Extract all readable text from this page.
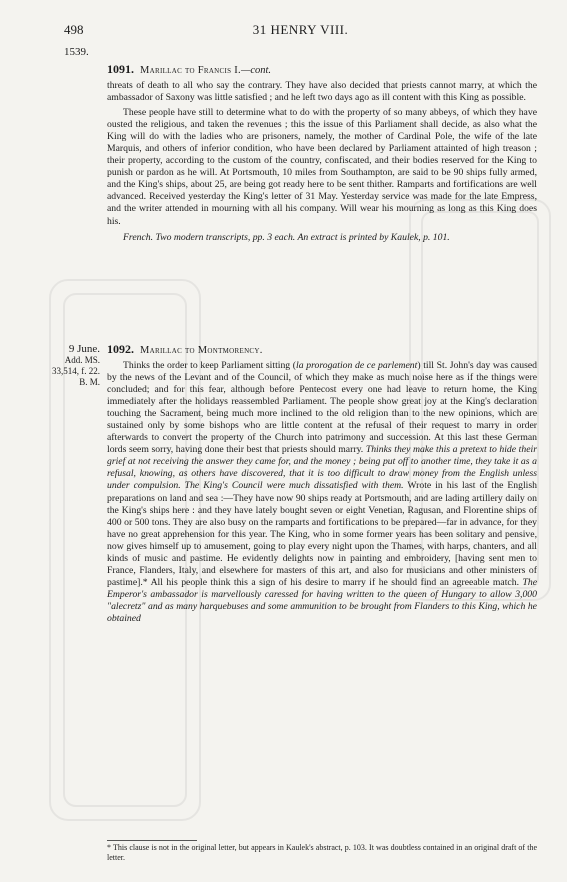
498	31 HENRY VIII.
1539.

1091. Marillac to Francis I.—cont.

threats of death to all who say the contrary. They have also decided that priests cannot marry, at which the ambassador of Saxony was little satisfied ; and he left two days ago as ill content with this King as possible.

These people have still to determine what to do with the property of so many abbeys, of which they have ousted the religious, and taken the revenues ; this the issue of this Parliament shall decide, as also what the King will do with the ladies who are prisoners, namely, the mother of Cardinal Pole, the wife of the late Marquis, and others of inferior condition, who have been declared by Parliament attainted of high treason ; their property, according to the custom of the country, confiscated, and their bodies reserved for the King to punish or pardon as he will. At Portsmouth, 10 miles from Southampton, are said to be 90 ships fully armed, and the King's ships, about 25, are being got ready here to be sent thither. Ramparts and fortifications are well advanced. Received yesterday the King's letter of 31 May. Yesterday service was made for the late Empress, and the writer attended in mourning with all his company. Will wear his mourning as long as this King does his.

French. Two modern transcripts, pp. 3 each. An extract is printed by Kaulek, p. 101.

9 June.
Add. MS.
33,514, f. 22.
B. M.

1092. Marillac to Montmorency.

Thinks the order to keep Parliament sitting (la prorogation de ce parlement) till St. John's day was caused by the news of the Levant and of the Council, of which they make as much noise here as if the things were concluded; and for this fear, although before Pentecost every one had leave to return home, the King immediately after the holidays reassembled Parliament. The people show great joy at the King's declaration touching the Sacrament, being much more inclined to the old religion than to the new opinions, which are sustained only by some bishops who are little content at the refusal of their request to marry in order afterwards to convert the property of the Church into patrimony and succession. At this last these German lords seem sorry, having done their best that priests should marry. Thinks they make this a pretext to hide their grief at not receiving the answer they came for, and the money ; being put off to another time, they take it as a refusal, knowing, as others have discovered, that it is too difficult to draw money from the English unless under compulsion. The King's Council were much dissatisfied with them. Wrote in his last of the English preparations on land and sea :—They have now 90 ships ready at Portsmouth, and are lading artillery daily on the King's ships here : and they have lately bought seven or eight Venetian, Ragusan, and Florentine ships of 400 or 500 tons. They are also busy on the ramparts and fortifications to be prepared—far in advance, for they have no great apprehension for this year. The King, who in some former years has been solitary and pensive, now gives himself up to amusement, going to play every night upon the Thames, with harps, chanters, and all kinds of music and pastime. He evidently delights now in painting and embroidery, [having sent men to France, Flanders, Italy, and elsewhere for masters of this art, and also for musicians and other ministers of pastime].* All his people think this a sign of his desire to marry if he should find an agreeable match. The Emperor's ambassador is marvellously caressed for having written to the queen of Hungary to allow 3,000 "alecretz" and as many harquebuses and some ammunition to be brought from Flanders to this King, which he obtained

* This clause is not in the original letter, but appears in Kaulek's abstract, p. 103. It was doubtless contained in an original draft of the letter.
